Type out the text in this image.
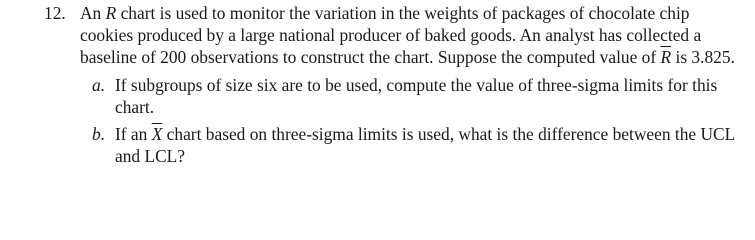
12. An R chart is used to monitor the variation in the weights of packages of chocolate chip cookies produced by a large national producer of baked goods. An analyst has collected a baseline of 200 observations to construct the chart. Suppose the computed value of $\overline{R}$ is 3.825.
a. If subgroups of size six are to be used, compute the value of three-sigma limits for this chart.
b. If an $\overline{X}$ chart based on three-sigma limits is used, what is the difference between the UCL and LCL?
